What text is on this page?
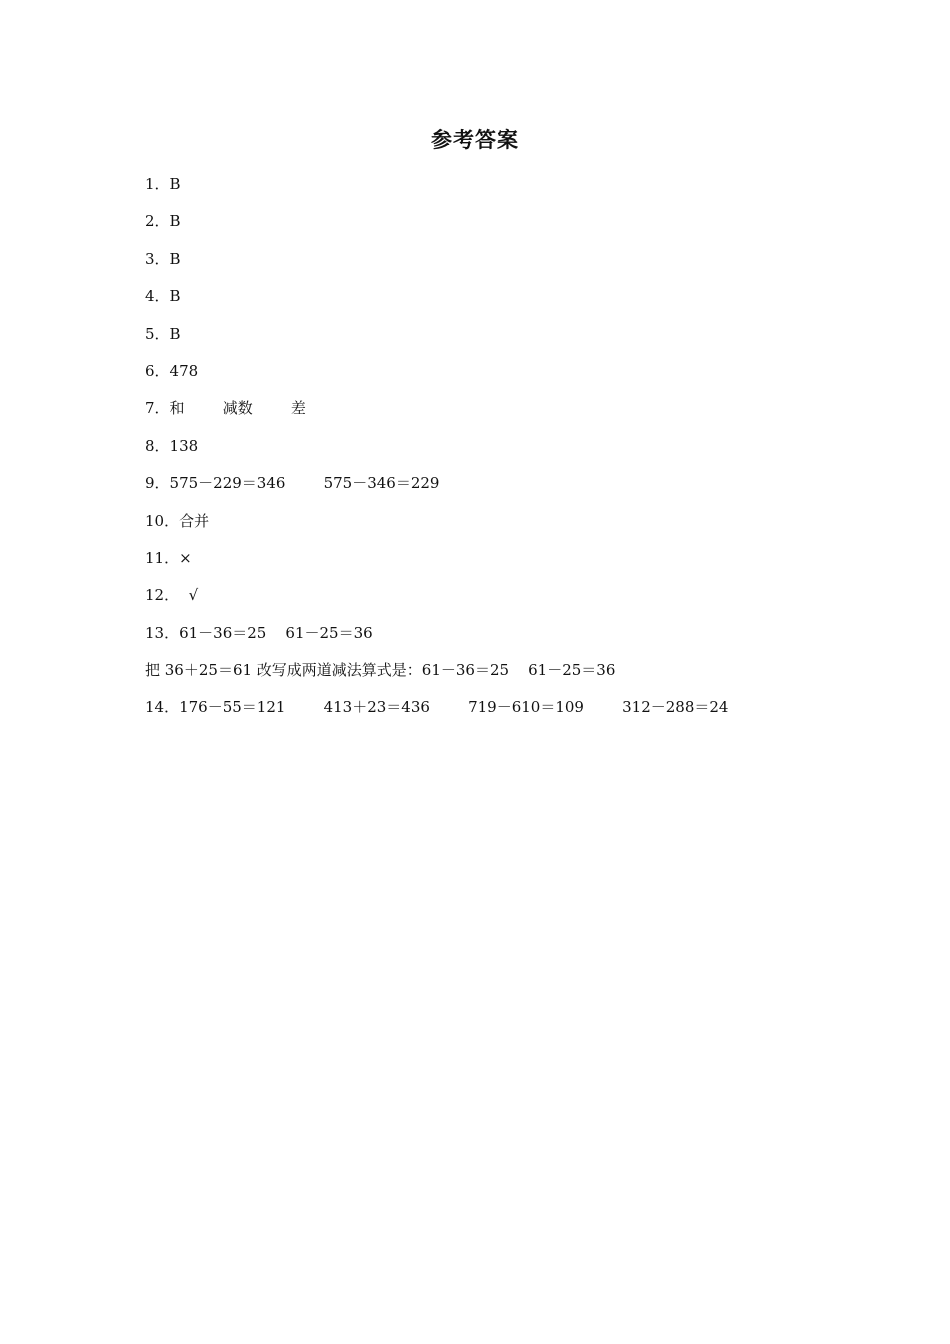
参考答案
1．B
2．B
3．B
4．B
5．B
6．478
7．和        减数        差
8．138
9．575－229＝346        575－346＝229
10．合并
11．×
12．  √
13．61－36＝25    61－25＝36
把 36＋25＝61 改写成两道减法算式是：61－36＝25    61－25＝36
14．176－55＝121        413＋23＝436        719－610＝109        312－288＝24
